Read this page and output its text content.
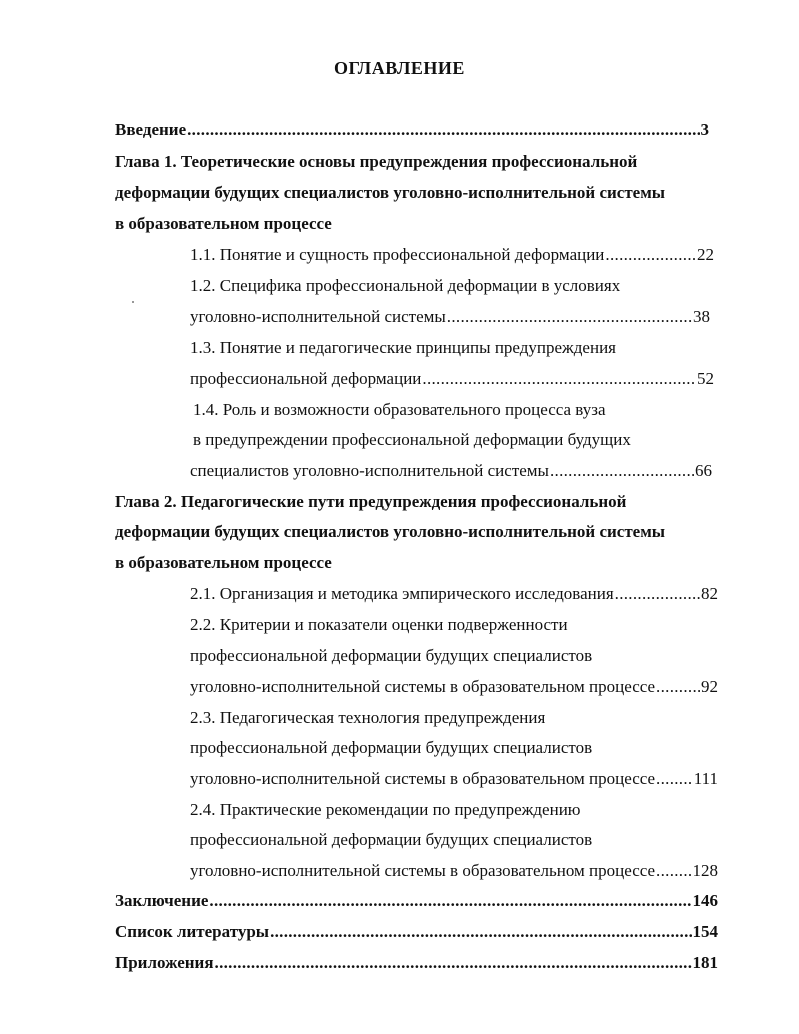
ОГЛАВЛЕНИЕ
Введение .....	3
Глава 1. Теоретические основы предупреждения профессиональной
деформации будущих специалистов уголовно-исполнительной системы
в образовательном процессе
1.1. Понятие и сущность профессиональной деформации .....	22
1.2. Специфика профессиональной деформации в условиях
уголовно-исполнительной системы .....	38
1.3. Понятие и педагогические принципы предупреждения
профессиональной деформации .....	52
1.4. Роль и возможности образовательного процесса вуза
в предупреждении профессиональной деформации будущих
специалистов уголовно-исполнительной системы .....	66
Глава 2. Педагогические пути предупреждения профессиональной
деформации будущих специалистов уголовно-исполнительной системы
в образовательном процессе
2.1. Организация и методика эмпирического исследования .....	82
2.2. Критерии и показатели оценки подверженности
профессиональной деформации будущих специалистов
уголовно-исполнительной системы в образовательном процессе .....	92
2.3. Педагогическая технология предупреждения
профессиональной деформации будущих специалистов
уголовно-исполнительной системы в образовательном процессе ..... 111
2.4. Практические рекомендации по предупреждению
профессиональной деформации будущих специалистов
уголовно-исполнительной системы в образовательном процессе ..... 128
Заключение .....	146
Список литературы .....	154
Приложения .....	181
